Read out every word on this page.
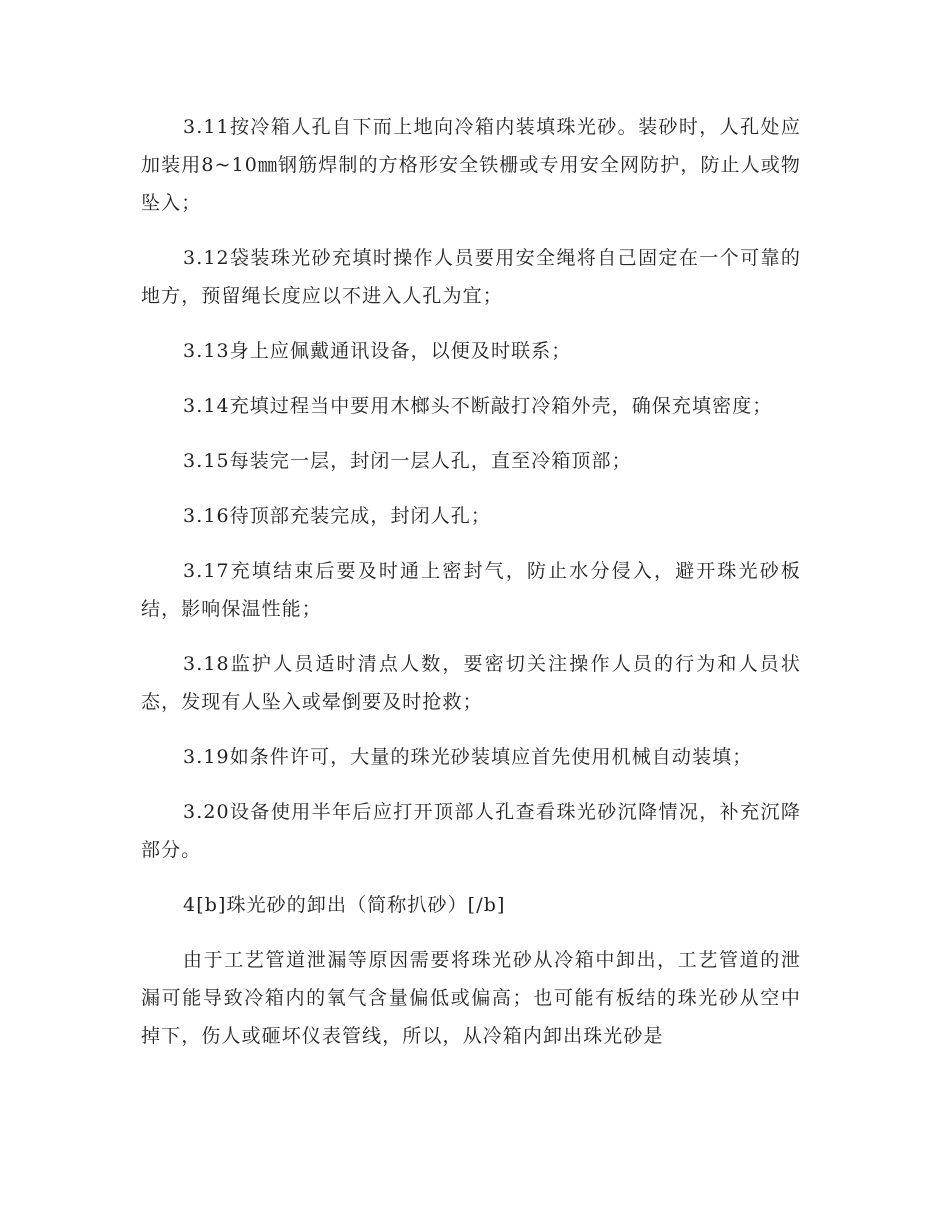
3.11按冷箱人孔自下而上地向冷箱内装填珠光砂。装砂时，人孔处应加装用8~10㎜钢筋焊制的方格形安全铁栅或专用安全网防护，防止人或物坠入；

3.12袋装珠光砂充填时操作人员要用安全绳将自己固定在一个可靠的地方，预留绳长度应以不进入人孔为宜；

3.13身上应佩戴通讯设备，以便及时联系；

3.14充填过程当中要用木榔头不断敲打冷箱外壳，确保充填密度；

3.15每装完一层，封闭一层人孔，直至冷箱顶部；

3.16待顶部充装完成，封闭人孔；

3.17充填结束后要及时通上密封气，防止水分侵入，避开珠光砂板结，影响保温性能；

3.18监护人员适时清点人数，要密切关注操作人员的行为和人员状态，发现有人坠入或晕倒要及时抢救；

3.19如条件许可，大量的珠光砂装填应首先使用机械自动装填；

3.20设备使用半年后应打开顶部人孔查看珠光砂沉降情况，补充沉降部分。

4[b]珠光砂的卸出（简称扒砂）[/b]

由于工艺管道泄漏等原因需要将珠光砂从冷箱中卸出，工艺管道的泄漏可能导致冷箱内的氧气含量偏低或偏高；也可能有板结的珠光砂从空中掉下，伤人或砸坏仪表管线，所以，从冷箱内卸出珠光砂是
